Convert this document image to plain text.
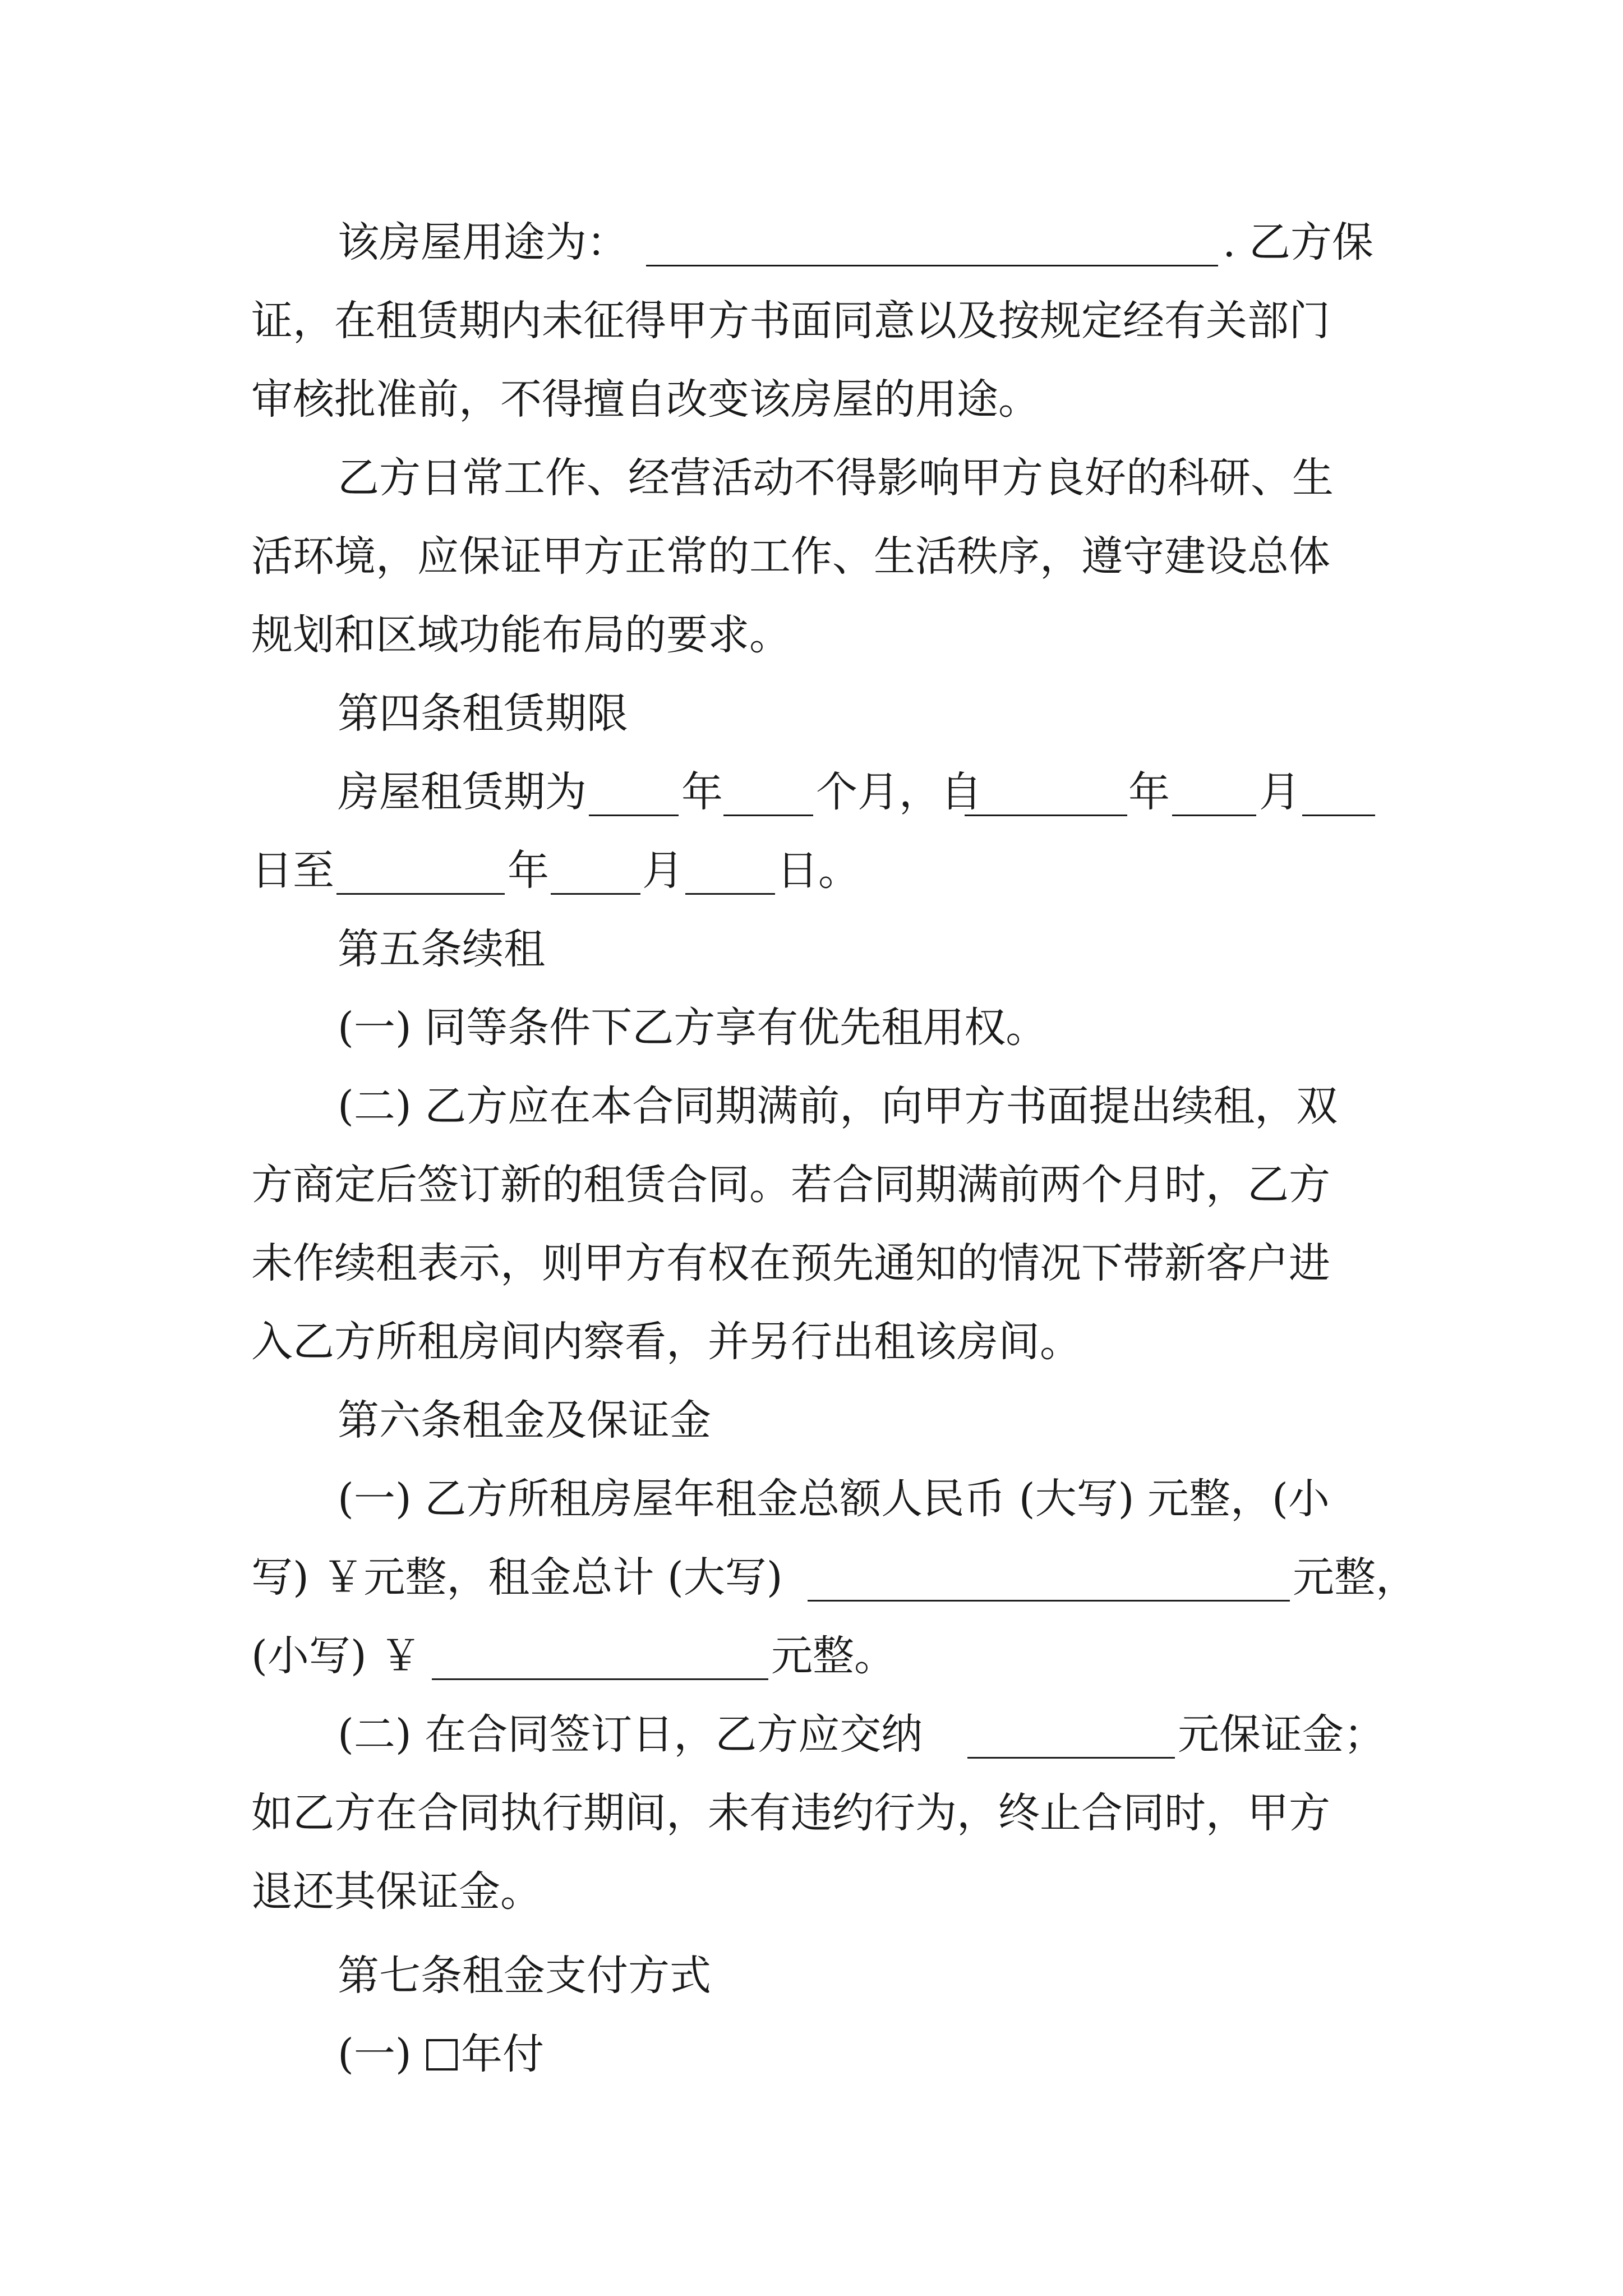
该房屋用途为：	. 乙方保
证，在租赁期内未征得甲方书面同意以及按规定经有关部门
审核批准前，不得擅自改变该房屋的用途。
乙方日常工作、经营活动不得影响甲方良好的科研、生
活环境，应保证甲方正常的工作、生活秩序，遵守建设总体
规划和区域功能布局的要求。
第四条租赁期限
房屋租赁期为 年 个月，自	年 月
日至	年 月 日。
第五条续租
(一) 同等条件下乙方享有优先租用权。
(二) 乙方应在本合同期满前，向甲方书面提出续租，双
方商定后签订新的租赁合同。若合同期满前两个月时，乙方
未作续租表示，则甲方有权在预先通知的情况下带新客户进
入乙方所租房间内察看，并另行出租该房间。
第六条租金及保证金
(一) 乙方所租房屋年租金总额人民币 (大写) 元整，(小
写) ￥元整，租金总计 (大写)	元整，
(小写) ￥	元整。
(二) 在合同签订日，乙方应交纳	元保证金；
如乙方在合同执行期间，未有违约行为，终止合同时，甲方
退还其保证金。
第七条租金支付方式
(一)	年付
